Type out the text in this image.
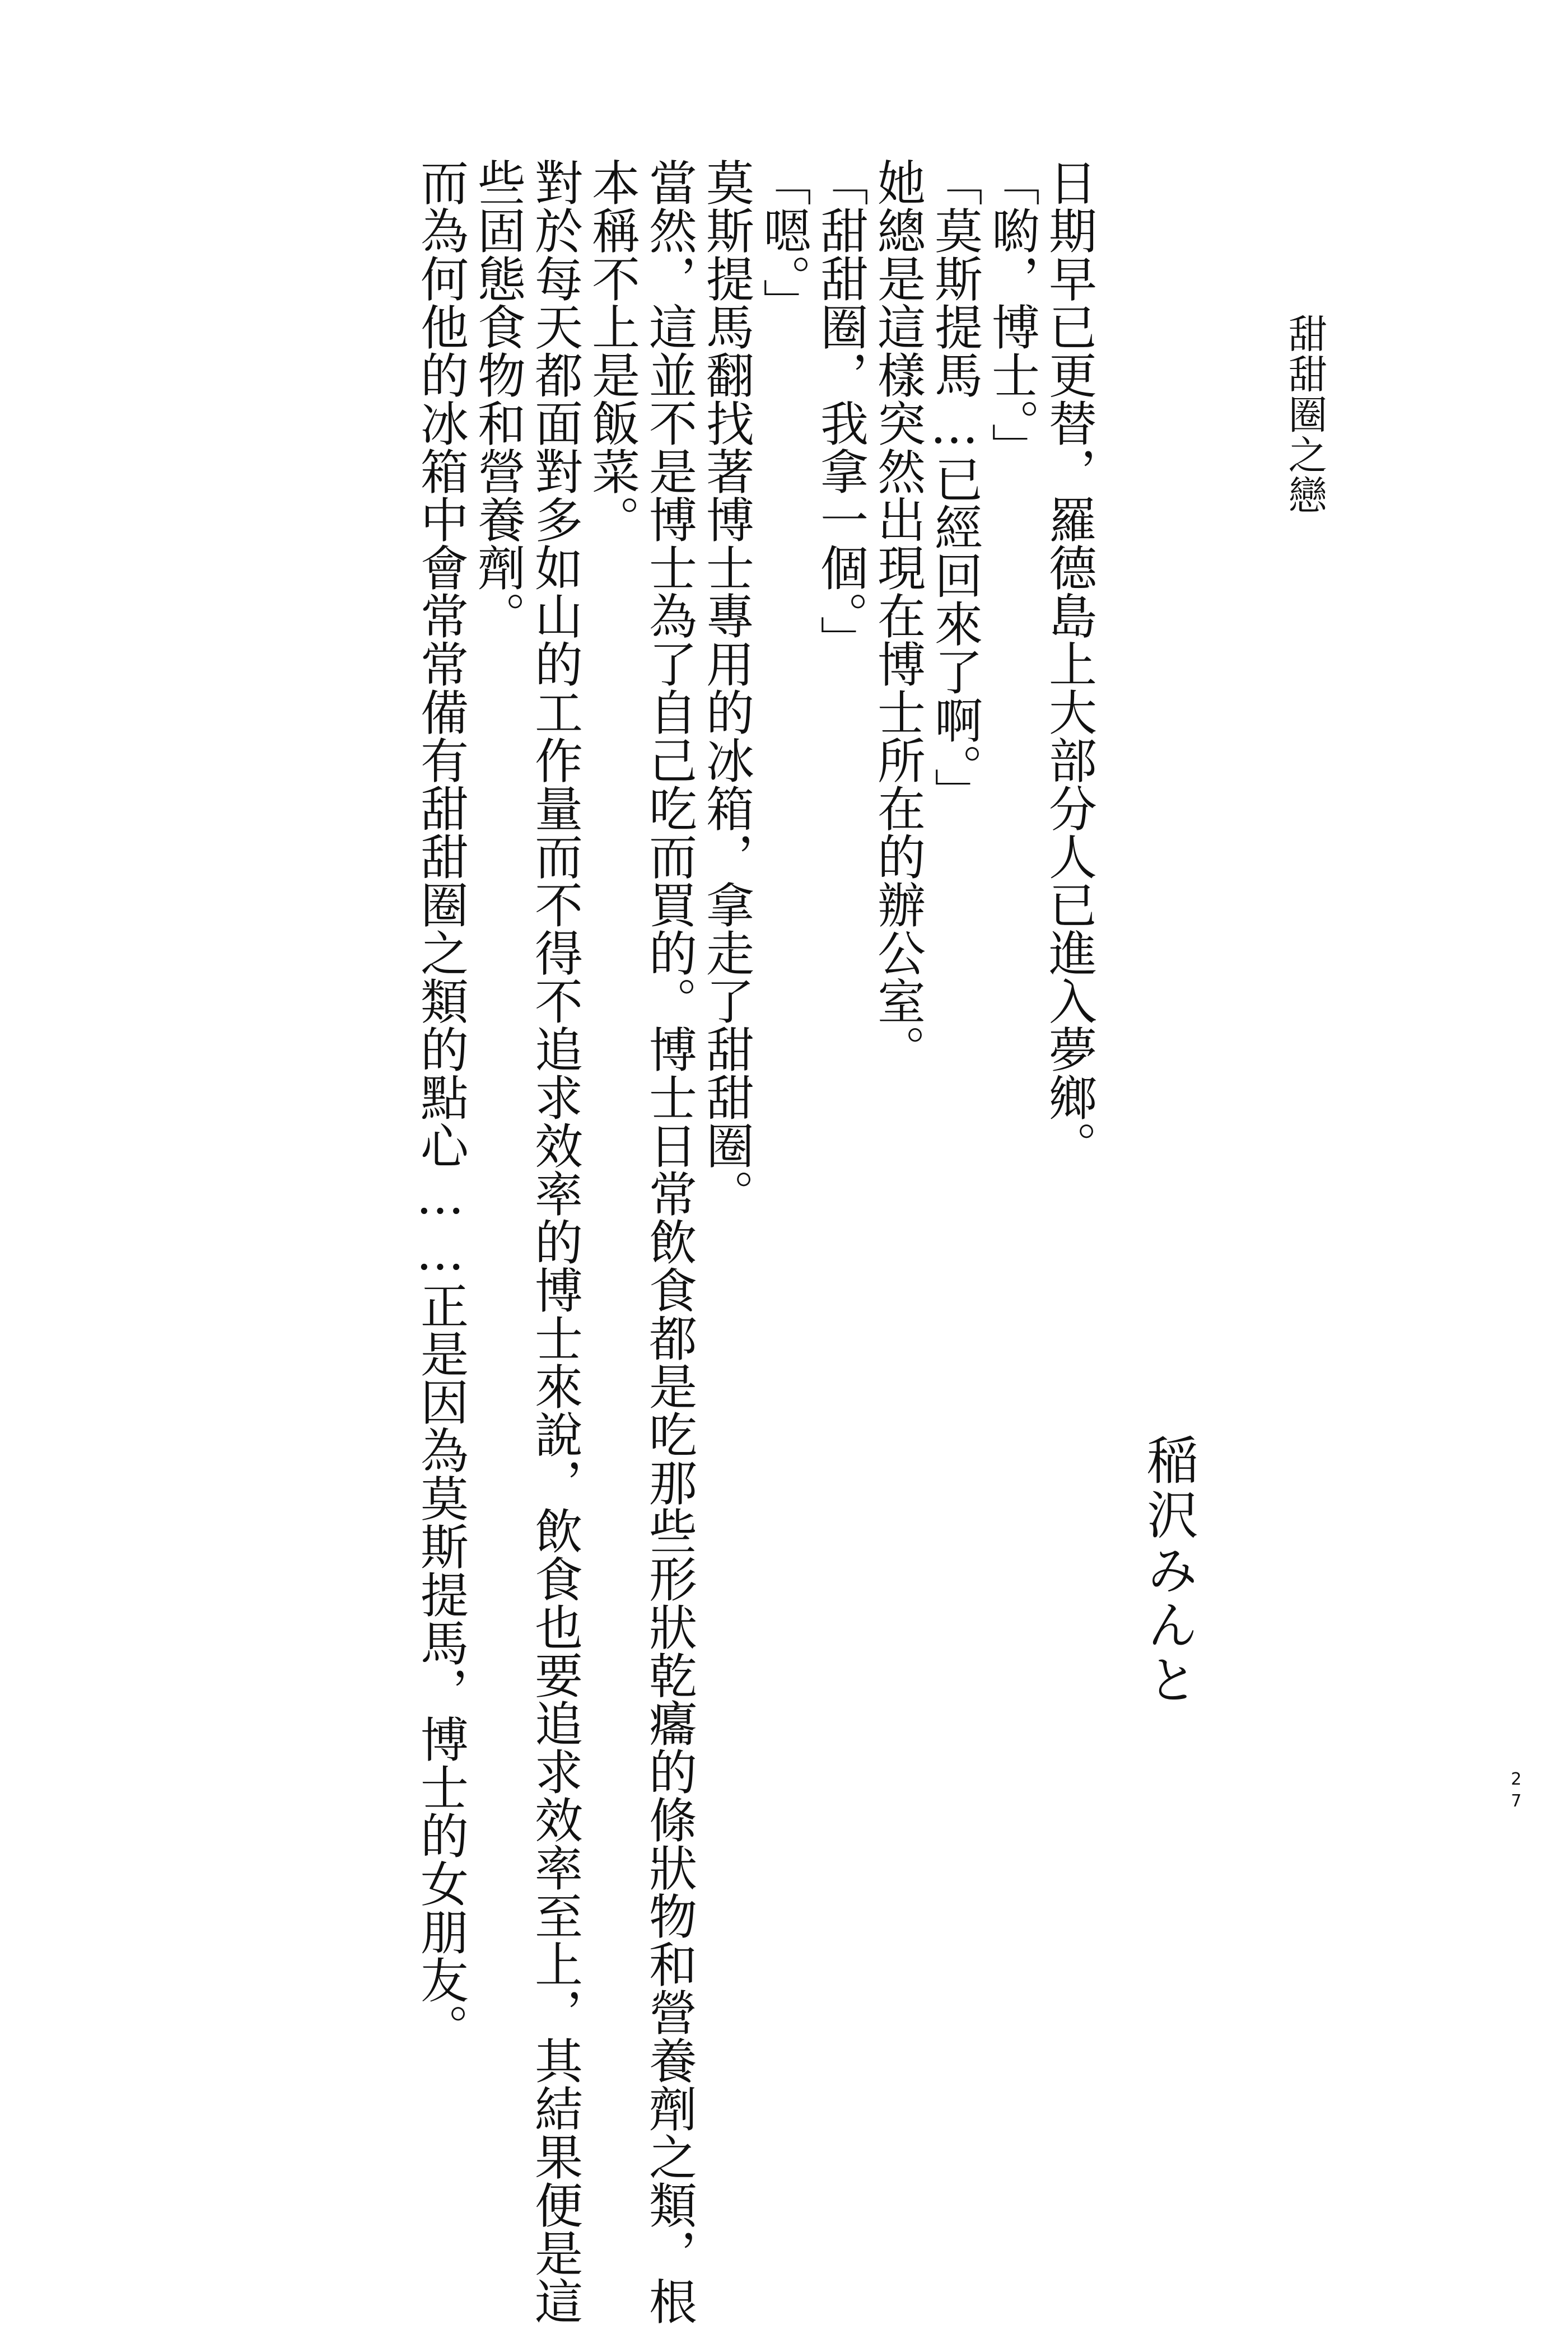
甜甜圈之戀
稲沢みんと
日期早已更替，羅德島上大部分人已進入夢鄉。
「喲，博士。」
「莫斯提馬…已經回來了啊。」
她總是這樣突然出現在博士所在的辦公室。
「甜甜圈，我拿一個。」
「嗯。」
莫斯提馬翻找著博士專用的冰箱，拿走了甜甜圈。
當然，這並不是博士為了自己吃而買的。博士日常飲食都是吃那些形狀乾癟的條狀物和營養劑之類，根
本稱不上是飯菜。
對於每天都面對多如山的工作量而不得不追求效率的博士來說，飲食也要追求效率至上，其結果便是這
些固態食物和營養劑。
而為何他的冰箱中會常常備有甜甜圈之類的點心……正是因為莫斯提馬，博士的女朋友。	27
